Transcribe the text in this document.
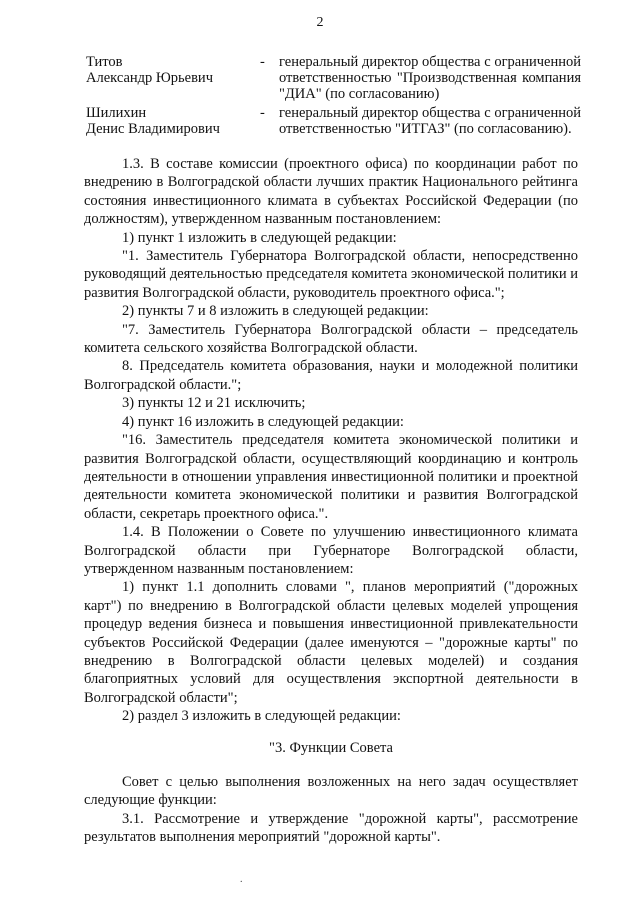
2
Титов
Александр Юрьевич
- генеральный директор общества с ограниченной ответственностью "Производственная компания "ДИА" (по согласованию)
Шилихин
Денис Владимирович
- генеральный директор общества с ограниченной ответственностью "ИТГАЗ" (по согласованию).

1.3. В составе комиссии (проектного офиса) по координации работ по внедрению в Волгоградской области лучших практик Национального рейтинга состояния инвестиционного климата в субъектах Российской Федерации (по должностям), утвержденном названным постановлением:

1) пункт 1 изложить в следующей редакции:

"1. Заместитель Губернатора Волгоградской области, непосредственно руководящий деятельностью председателя комитета экономической политики и развития Волгоградской области, руководитель проектного офиса.";

2) пункты 7 и 8 изложить в следующей редакции:

"7. Заместитель Губернатора Волгоградской области – председатель комитета сельского хозяйства Волгоградской области.

8. Председатель комитета образования, науки и молодежной политики Волгоградской области.";

3) пункты 12 и 21 исключить;

4) пункт 16 изложить в следующей редакции:

"16. Заместитель председателя комитета экономической политики и развития Волгоградской области, осуществляющий координацию и контроль деятельности в отношении управления инвестиционной политики и проектной деятельности комитета экономической политики и развития Волгоградской области, секретарь проектного офиса.".

1.4. В Положении о Совете по улучшению инвестиционного климата Волгоградской области при Губернаторе Волгоградской области, утвержденном названным постановлением:

1) пункт 1.1 дополнить словами ", планов мероприятий ("дорожных карт") по внедрению в Волгоградской области целевых моделей упрощения процедур ведения бизнеса и повышения инвестиционной привлекательности субъектов Российской Федерации (далее именуются – "дорожные карты" по внедрению в Волгоградской области целевых моделей) и создания благоприятных условий для осуществления экспортной деятельности в Волгоградской области";

2) раздел 3 изложить в следующей редакции:

"3. Функции Совета

Совет с целью выполнения возложенных на него задач осуществляет следующие функции:

3.1. Рассмотрение и утверждение "дорожной карты", рассмотрение результатов выполнения мероприятий "дорожной карты".

.
